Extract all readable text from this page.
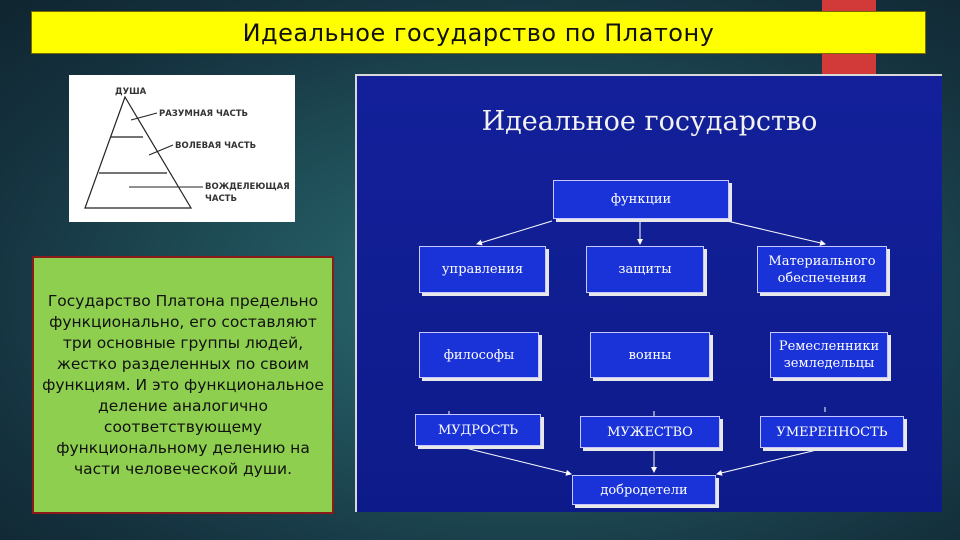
Идеальное государство по Платону
ДУША
РАЗУМНАЯ ЧАСТЬ
ВОЛЕВАЯ ЧАСТЬ
ВОЖДЕЛЕЮЩАЯ
ЧАСТЬ

Государство Платона предельно функционально, его составляют три основные группы людей, жестко разделенных по своим функциям. И это функциональное деление аналогично соответствующему функциональному делению на части человеческой души.

Идеальное государство
функции
управления	защиты
Материального обеспечения
философы	воины
Ремесленники земледельцы
МУДРОСТЬ	МУЖЕСТВО	УМЕРЕННОСТЬ
добродетели
